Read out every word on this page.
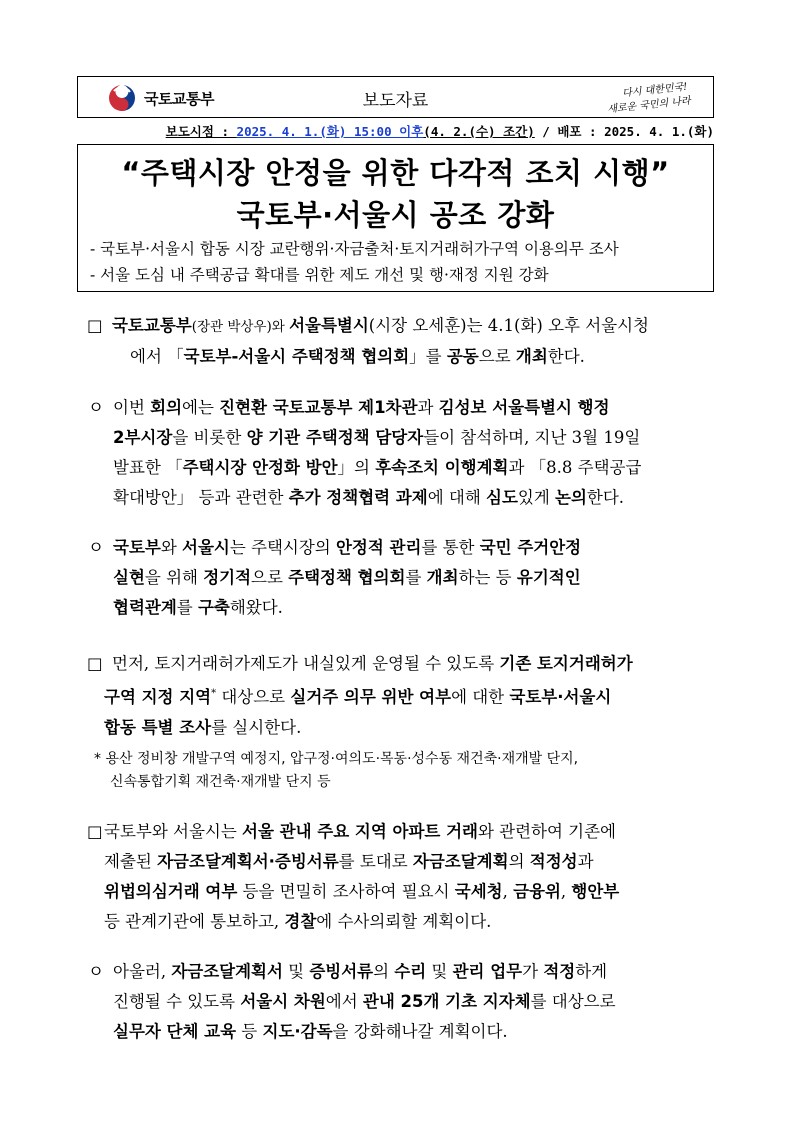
국토교통부	보도자료
다시 대한민국!
새로운 국민의 나라
보도시점 : 2025. 4. 1.(화) 15:00 이후(4. 2.(수) 조간) / 배포 : 2025. 4. 1.(화)
“주택시장 안정을 위한 다각적 조치 시행”
국토부·서울시 공조 강화
- 국토부·서울시 합동 시장 교란행위·자금출처·토지거래허가구역 이용의무 조사
- 서울 도심 내 주택공급 확대를 위한 제도 개선 및 행·재정 지원 강화
□ 국토교통부(장관 박상우)와 서울특별시(시장 오세훈)는 4.1(화) 오후 서울시청
에서 「국토부-서울시 주택정책 협의회」를 공동으로 개최한다.
ㅇ 이번 회의에는 진현환 국토교통부 제1차관과 김성보 서울특별시 행정
2부시장을 비롯한 양 기관 주택정책 담당자들이 참석하며, 지난 3월 19일
발표한 「주택시장 안정화 방안」의 후속조치 이행계획과 「8.8 주택공급
확대방안」 등과 관련한 추가 정책협력 과제에 대해 심도있게 논의한다.
ㅇ 국토부와 서울시는 주택시장의 안정적 관리를 통한 국민 주거안정
실현을 위해 정기적으로 주택정책 협의회를 개최하는 등 유기적인
협력관계를 구축해왔다.
□ 먼저, 토지거래허가제도가 내실있게 운영될 수 있도록 기존 토지거래허가
구역 지정 지역* 대상으로 실거주 의무 위반 여부에 대한 국토부·서울시
합동 특별 조사를 실시한다.
* 용산 정비창 개발구역 예정지, 압구정·여의도·목동·성수동 재건축·재개발 단지,
신속통합기획 재건축·재개발 단지 등
□ 국토부와 서울시는 서울 관내 주요 지역 아파트 거래와 관련하여 기존에
제출된 자금조달계획서·증빙서류를 토대로 자금조달계획의 적정성과
위법의심거래 여부 등을 면밀히 조사하여 필요시 국세청, 금융위, 행안부
등 관계기관에 통보하고, 경찰에 수사의뢰할 계획이다.
ㅇ 아울러, 자금조달계획서 및 증빙서류의 수리 및 관리 업무가 적정하게
진행될 수 있도록 서울시 차원에서 관내 25개 기초 지자체를 대상으로
실무자 단체 교육 등 지도·감독을 강화해나갈 계획이다.
